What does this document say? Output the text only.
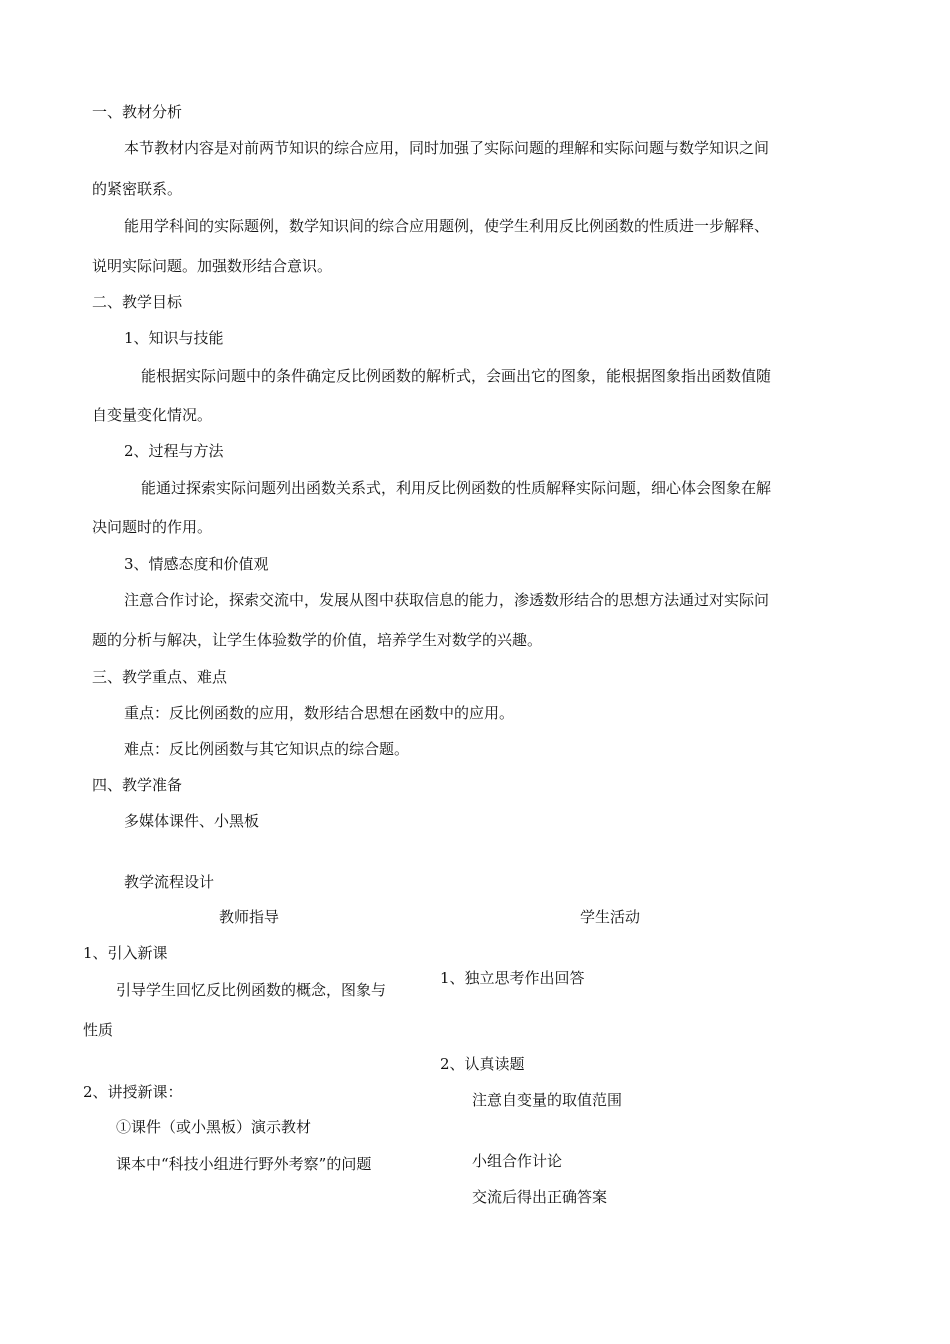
一、教材分析
本节教材内容是对前两节知识的综合应用，同时加强了实际问题的理解和实际问题与数学知识之间
的紧密联系。
能用学科间的实际题例，数学知识间的综合应用题例，使学生利用反比例函数的性质进一步解释、
说明实际问题。加强数形结合意识。
二、教学目标
1、知识与技能
能根据实际问题中的条件确定反比例函数的解析式，会画出它的图象，能根据图象指出函数值随
自变量变化情况。
2、过程与方法
能通过探索实际问题列出函数关系式，利用反比例函数的性质解释实际问题，细心体会图象在解
决问题时的作用。
3、情感态度和价值观
注意合作讨论，探索交流中，发展从图中获取信息的能力，渗透数形结合的思想方法通过对实际问
题的分析与解决，让学生体验数学的价值，培养学生对数学的兴趣。
三、教学重点、难点
重点：反比例函数的应用，数形结合思想在函数中的应用。
难点：反比例函数与其它知识点的综合题。
四、教学准备
多媒体课件、小黑板
教学流程设计
教师指导	学生活动
1、引入新课
引导学生回忆反比例函数的概念，图象与
性质
2、讲授新课：
①课件（或小黑板）演示教材
课本中“科技小组进行野外考察”的问题
1、独立思考作出回答
2、认真读题
注意自变量的取值范围
小组合作计论
交流后得出正确答案
